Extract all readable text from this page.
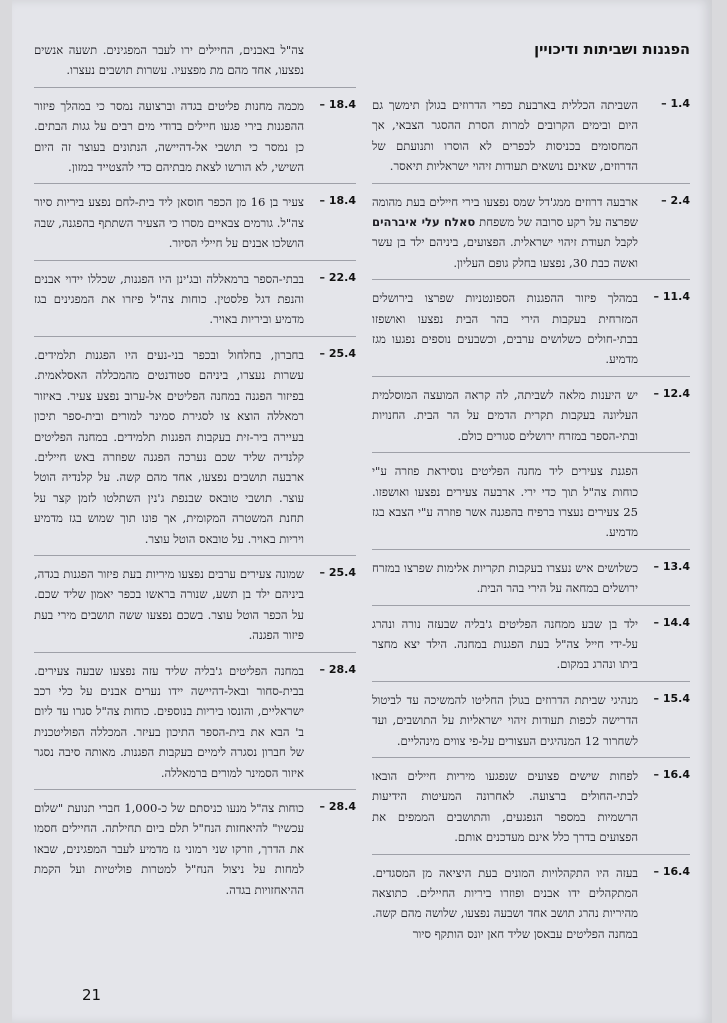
הפגנות ושביתות ודיכויין
1.4 –
השביתה הכללית בארבעת כפרי הדרוזים בגולן תימשך גם היום ובימים הקרובים למרות הסרת ההסגר הצבאי, אך המחסומים בכניסות לכפרים לא הוסרו ותנועתם של הדרוזים, שאינם נושאים תעודות זיהוי ישראליות תיאסר.
2.4 –
ארבעה דרוזים ממג'דל שמס נפצעו בירי חיילים בעת מהומה שפרצה על רקע סרובה של משפחת סאלח עלי איברהים לקבל תעודת זיהוי ישראלית. הפצועים, ביניהם ילד בן עשר ואשה כבת 30, נפצעו בחלק גופם העליון.
11.4 –
במהלך פיזור ההפגנות הספונטניות שפרצו בירושלים המזרחית בעקבות הירי בהר הבית נפצעו ואושפזו בבתי-חולים כשלושים ערבים, וכשבעים נוספים נפגעו מגז מדמיע.
12.4 –
יש היענות מלאה לשביתה, לה קראה המועצה המוסלמית העליונה בעקבות תקרית הדמים על הר הבית. החנויות ובתי-הספר במזרח ירושלים סגורים כולם.
הפגנת צעירים ליד מחנה הפליטים נוסיראת פוזרה ע"י כוחות צה"ל תוך כדי ירי. ארבעה צעירים נפצעו ואושפזו. 25 צעירים נעצרו ברפיח בהפגנה אשר פוזרה ע"י הצבא בגז מדמיע.
13.4 –
כשלושים איש נעצרו בעקבות תקריות אלימות שפרצו במזרח ירושלים במחאה על הירי בהר הבית.
14.4 –
ילד בן שבע ממחנה הפליטים ג'בליה שבעזה נורה ונהרג על-ידי חייל צה"ל בעת הפגנות במחנה. הילד יצא מחצר ביתו ונהרג במקום.
15.4 –
מנהיגי שביתת הדרוזים בגולן החליטו להמשיכה עד לביטול הדרישה לכפות תעודות זיהוי ישראליות על התושבים, ועד לשחרור 12 המנהיגים העצורים על-פי צווים מינהליים.
16.4 –
לפחות שישים פצועים שנפגעו מיריות חיילים הובאו לבתי-החולים ברצועה. לאחרונה המעיטות הידיעות הרשמיות במספר הנפגעים, והתושבים הממפים את הפצועים בדרך כלל אינם מעדכנים אותם.
16.4 –
בעזה היו התקהלויות המונים בעת היציאה מן המסגדים. המתקהלים ידו אבנים ופוזרו ביריות החיילים. כתוצאה מהיריות נהרג תושב אחד ושבעה נפצעו, שלושה מהם קשה. במחנה הפליטים עבאסן שליד חאן יונס הותקף סיור
צה"ל באבנים, החיילים ירו לעבר המפגינים. תשעה אנשים נפצעו, אחד מהם מת מפצעיו. עשרות תושבים נעצרו.
18.4 –
מכמה מחנות פליטים בגדה וברצועה נמסר כי במהלך פיזור ההפגנות בירי פגעו חיילים בדודי מים רבים על גגות הבתים. כן נמסר כי תושבי אל-דהיישה, הנתונים בעוצר זה היום השישי, לא הורשו לצאת מבתיהם כדי להצטייד במזון.
18.4 –
צעיר בן 16 מן הכפר חוסאן ליד בית-לחם נפצע ביריות סיור צה"ל. גורמים צבאיים מסרו כי הצעיר השתתף בהפגנה, שבה הושלכו אבנים על חיילי הסיור.
22.4 –
בבתי-הספר ברמאללה ובג'ינן היו הפגנות, שכללו יידוי אבנים והנפת דגל פלסטין. כוחות צה"ל פיזרו את המפגינים בגז מדמיע וביריות באויר.
25.4 –
בחברון, בחלחול ובכפר בני-נעים היו הפגנות תלמידים. עשרות נעצרו, ביניהם סטודנטים מהמכללה האסלאמית. בפיזור הפגנה במחנה הפליטים אל-ערוב נפצע צעיר. באיזור רמאללה הוצא צו לסגירת סמינר למורים ובית-ספר תיכון בעיירה ביר-זית בעקבות הפגנות תלמידים. במחנה הפליטים קלנדיה שליד שכם נערכה הפגנה שפוזרה באש חיילים. ארבעה תושבים נפצעו, אחד מהם קשה. על קלנדיה הוטל עוצר. תושבי טובאס שבנפת ג'נין השתלטו לזמן קצר על תחנת המשטרה המקומית, אך פונו תוך שמוש בגז מדמיע ויריות באויר. על טובאס הוטל עוצר.
25.4 –
שמונה צעירים ערבים נפצעו מיריות בעת פיזור הפגנות בגדה, ביניהם ילד בן תשע, שנורה בראשו בכפר יאמון שליד שכם. על הכפר הוטל עוצר. בשכם נפצעו ששה תושבים מירי בעת פיזור הפגנה.
28.4 –
במחנה הפליטים ג'בליה שליד עזה נפצעו שבעה צעירים. בבית-סחור ובאל-דהיישה יידו נערים אבנים על כלי רכב ישראליים, והונסו ביריות בנוספים. כוחות צה"ל סגרו עד ליום ב' הבא את בית-הספר התיכון בעיזר. המכללה הפוליטכנית של חברון נסגרה לימיים בעקבות הפגנות. מאותה סיבה נסגר איזור הסמינר למורים ברמאללה.
28.4 –
כוחות צה"ל מנעו כניסתם של כ-1,000 חברי תנועת "שלום עכשיו" להיאחזות הנח"ל תלם ביום תחילתה. החיילים חסמו את הדרך, וזרקו שני רמוני גז מדמיע לעבר המפגינים, שבאו למחות על ניצול הנח"ל למטרות פוליטיות ועל הקמת ההיאחזויות בגדה.
21
